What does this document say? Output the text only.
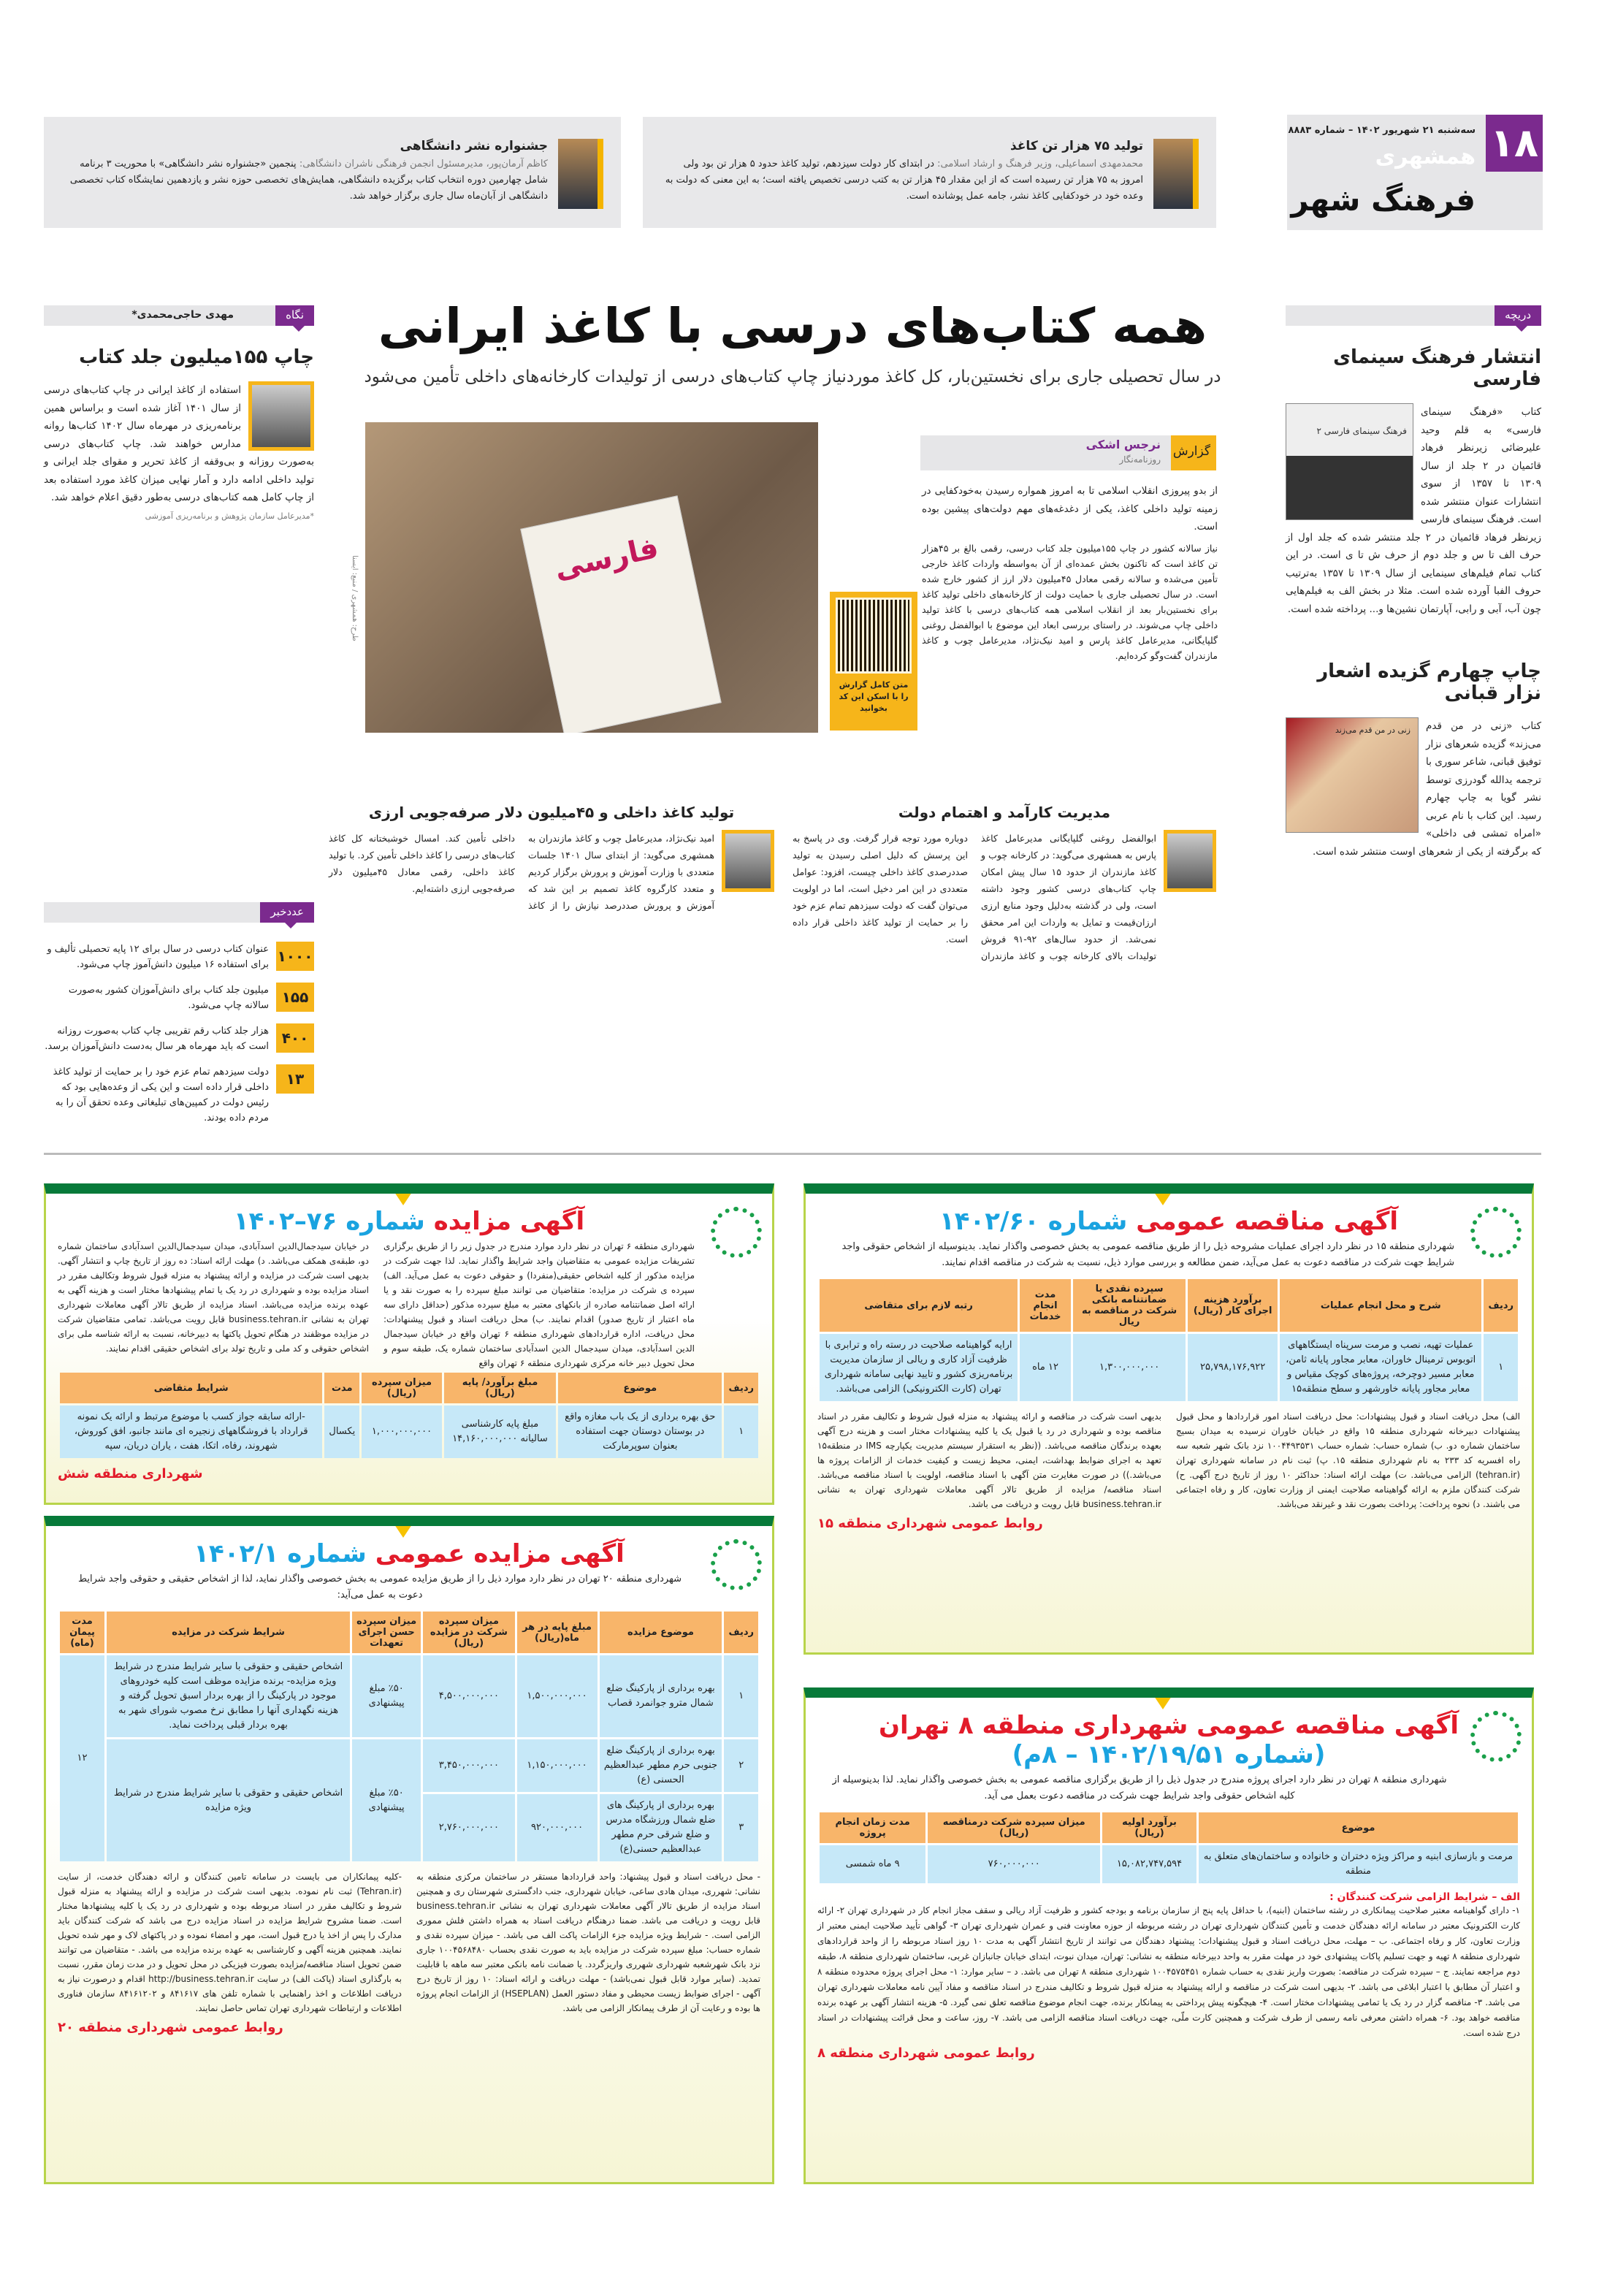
۱۸
سه‌شنبه ۲۱ شهریور ۱۴۰۲ – شماره ۸۸۸۳
همشهری
فرهنگ شهر
تولید ۷۵ هزار تن کاغذ

محمدمهدی اسماعیلی، وزیر فرهنگ و ارشاد اسلامی: در ابتدای کار دولت سیزدهم، تولید کاغذ حدود ۵ هزار تن بود ولی امروز به ۷۵ هزار تن رسیده است که از این مقدار ۴۵ هزار تن به کتب درسی تخصیص یافته است؛ به این معنی که دولت به وعده خود در خودکفایی کاغذ نشر، جامه عمل پوشانده است.

جشنواره نشر دانشگاهی

کاظم آرمان‌پور، مدیرمسئول انجمن فرهنگی ناشران دانشگاهی: پنجمین «جشنواره نشر دانشگاهی» با محوریت ۳ برنامه شامل چهارمین دوره انتخاب کتاب برگزیده دانشگاهی، همایش‌های تخصصی حوزه نشر و یازدهمین نمایشگاه کتاب تخصصی دانشگاهی از آبان‌ماه سال جاری برگزار خواهد شد.

دریچه
انتشار فرهنگ سینمای فارسی
فرهنگ سینمای فارسی ۲

کتاب «فرهنگ سینمای فارسی» به قلم وحید علیرضائی زیرنظر فرهاد قائمیان در ۲ جلد از سال ۱۳۰۹ تا ۱۳۵۷ از سوی انتشارات عنوان منتشر شده است. فرهنگ سینمای فارسی زیرنظر فرهاد قائمیان در ۲ جلد منتشر شده که جلد اول از حرف الف تا س و جلد دوم از حرف ش تا ی است. در این کتاب تمام فیلم‌های سینمایی از سال ۱۳۰۹ تا ۱۳۵۷ به‌ترتیب حروف الفبا آورده شده است. مثلا در بخش الف به فیلم‌هایی چون آب، آبی و رابی، آپارتمان نشین‌ها و... پرداخته شده است.

چاپ چهارم گزیده اشعار نزار قبانی
زنی در من قدم می‌زند	کتاب «زنی در من قدم می‌زند» گزیده شعرهای نزار توفیق قبانی، شاعر سوری با ترجمه یدالله گودرزی توسط نشر گویا به چاپ چهارم رسید. این کتاب با نام عربی «امراه تمشی فی داخلی» که برگرفته از یکی از شعرهای اوست منتشر شده است.

همه کتاب‌های درسی با کاغذ ایرانی
در سال تحصیلی جاری برای نخستین‌بار، کل کاغذ موردنیاز چاپ کتاب‌های درسی از تولیدات کارخانه‌های داخلی تأمین می‌شود
فارسی
طرح: همشهری / منبع: ایسنا

متن کامل گزارش را با اسکن این کد بخوانید

گزارش
نرجس اشکی
روزنامه‌نگار

از بدو پیروزی انقلاب اسلامی تا به امروز همواره رسیدن به‌خودکفایی در زمینه تولید داخلی کاغذ، یکی از دغدغه‌های مهم دولت‌های پیشین بوده است.

نیاز سالانه کشور در چاپ ۱۵۵میلیون جلد کتاب درسی، رقمی بالغ بر ۴۵هزار تن کاغذ است که تاکنون بخش عمده‌ای از آن به‌واسطه واردات کاغذ خارجی تأمین می‌شده و سالانه رقمی معادل ۴۵میلیون دلار ارز از کشور خارج شده است. در سال تحصیلی جاری با حمایت دولت از کارخانه‌های داخلی تولید کاغذ برای نخستین‌بار بعد از انقلاب اسلامی همه کتاب‌های درسی با کاغذ تولید داخلی چاپ می‌شوند. در راستای بررسی ابعاد این موضوع با ابوالفضل روغنی گلپایگانی، مدیرعامل کاغذ پارس و امید نیک‌نژاد، مدیرعامل چوب و کاغذ مازندران گفت‌وگو کرده‌ایم.

مدیریت کارآمد و اهتمام دولت

ابوالفضل روغنی گلپایگانی مدیرعامل کاغذ پارس به همشهری می‌گوید: در کارخانه چوب و کاغذ مازندران از حدود ۱۵ سال پیش امکان چاپ کتاب‌های درسی کشور وجود داشته است، ولی در گذشته به‌دلیل وجود منابع ارزی ارزان‌قیمت و تمایل به واردات این امر محقق نمی‌شد. از حدود سال‌های ۹۲-۹۱ فروش تولیدات بالای کارخانه چوب و کاغذ مازندران دوباره مورد توجه قرار گرفت. وی در پاسخ به این پرسش که دلیل اصلی رسیدن به تولید صددرصدی کاغذ داخلی چیست، افزود: عوامل متعددی در این امر دخیل است، اما در اولویت می‌توان گفت که دولت سیزدهم تمام عزم خود را بر حمایت از تولید کاغذ داخلی قرار داده است.

تولید کاغذ داخلی و ۴۵میلیون دلار صرفه‌جویی ارزی

امید نیک‌نژاد، مدیرعامل چوب و کاغذ مازندران به همشهری می‌گوید: از ابتدای سال ۱۴۰۱ جلسات متعددی با وزارت آموزش و پرورش برگزار کردیم و متعدد کارگروه کاغذ تصمیم بر این شد که آموزش و پرورش صددرصد نیازش را از کاغذ داخلی تأمین کند. امسال خوشبختانه کل کاغذ کتاب‌های درسی را کاغذ داخلی تأمین کرد. با تولید کاغذ داخلی، رقمی معادل ۴۵میلیون دلار صرفه‌جویی ارزی داشته‌ایم.

نگاه
مهدی حاجی‌محمدی*
چاپ ۱۵۵میلیون جلد کتاب

استفاده از کاغذ ایرانی در چاپ کتاب‌های درسی از سال ۱۴۰۱ آغاز شده است و براساس همین برنامه‌ریزی در مهرماه سال ۱۴۰۲ کتاب‌ها روانه مدارس خواهند شد. چاپ کتاب‌های درسی به‌صورت روزانه و بی‌وقفه از کاغذ تحریر و مقوای جلد ایرانی و تولید داخلی ادامه دارد و آمار نهایی میزان کاغذ مورد استفاده بعد از چاپ کامل همه کتاب‌های درسی به‌طور دقیق اعلام خواهد شد.

*مدیرعامل سازمان پژوهش و برنامه‌ریزی آموزشی

عددخبر
۱۰۰۰

عنوان کتاب درسی در سال برای ۱۲ پایه تحصیلی تألیف و برای استفاده ۱۶ میلیون دانش‌آموز چاپ می‌شود.

۱۵۵

میلیون جلد کتاب برای دانش‌آموزان کشور به‌صورت سالانه چاپ می‌شود.

۴۰۰

هزار جلد کتاب رقم تقریبی چاپ کتاب به‌صورت روزانه است که باید مهرماه هر سال به‌دست دانش‌آموزان برسد.

۱۳

دولت سیزدهم تمام عزم خود را بر حمایت از تولید کاغذ داخلی قرار داده است و این یکی از وعده‌هایی بود که رئیس دولت در کمپین‌های تبلیغاتی وعده تحقق آن را به مردم داده بودند.

آگهی مناقصه عمومی شماره ۱۴۰۲/۶۰

شهرداری منطقه ۱۵ در نظر دارد اجرای عملیات مشروحه ذیل را از طریق مناقصه عمومی به بخش خصوصی واگذار نماید. بدینوسیله از اشخاص حقوقی واجد شرایط جهت شرکت در مناقصه دعوت به عمل می‌آید، ضمن مطالعه و بررسی موارد ذیل، نسبت به شرکت در مناقصه اقدام نمایند.

ردیف	شرح و محل انجام عملیات	برآورد هزینه اجرای کار (ریال)	سپرده نقدی یا ضمانتنامه بانکی شرکت در مناقصه به ریال	مدت انجام خدمات	رتبه لازم برای متقاضی
۱	عملیات تهیه، نصب و مرمت سرپناه ایستگاههای اتوبوس ترمینال خاوران، معابر مجاور پایانه ثامن، معابر مسیر دوچرخه، پروژه‌های کوچک مقیاس و معابر مجاور پایانه خاورشهر و سطح منطقه۱۵	۲۵,۷۹۸,۱۷۶,۹۲۲	۱,۳۰۰,۰۰۰,۰۰۰	۱۲ ماه	ارایه گواهینامه صلاحیت در رسته راه و ترابری با ظرفیت آزاد کاری و ریالی از سازمان مدیریت برنامه‌ریزی کشور و تایید نهایی سامانه شهرداری تهران (کارت الکترونیکی) الزامی می‌باشد.
الف) محل دریافت اسناد و قبول پیشنهادات: محل دریافت اسناد امور قراردادها و محل قبول پیشنهادات دبیرخانه شهرداری منطقه ۱۵ واقع در خیابان خاوران نرسیده به میدان بسیج ساختمان شماره دو. ب) شماره حساب: شماره حساب ۱۰۰۴۴۹۳۵۳۱ نزد بانک شهر شعبه سه راه افسریه کد ۲۳۳ به نام شهرداری منطقه ۱۵. پ) ثبت نام در سامانه شهرداری تهران (tehran.ir) الزامی می‌باشد. ت) مهلت ارائه اسناد: حداکثر ۱۰ روز از تاریخ درج آگهی. ح) شرکت کنندگان ملزم به ارائه گواهینامه صلاحیت ایمنی از وزارت تعاون، کار و رفاه اجتماعی می باشند. د) نحوه پرداخت: پرداخت بصورت نقد و غیرنقد می‌باشد.
بدیهی است شرکت در مناقصه و ارائه پیشنهاد به منزله قبول شروط و تکالیف مقرر در اسناد مناقصه بوده و شهرداری در رد یا قبول یک یا کلیه پیشنهادات مختار است و هزینه درج آگهی بعهده برندگان مناقصه می‌باشد. ((نظر به استقرار سیستم مدیریت یکپارچه IMS در منطقه۱۵ تعهد به اجرای ضوابط بهداشت، ایمنی، محیط زیست و کیفیت خدمات از الزامات پروژه ها می‌باشد.)) در صورت مغایرت متن آگهی با اسناد مناقصه، اولویت با اسناد مناقصه می‌باشد. اسناد مناقصه/ مزایده از طریق تالار آگهی معاملات شهرداری تهران به نشانی business.tehran.ir قابل رویت و دریافت می باشد.
روابط عمومی شهرداری منطقه ۱۵
آگهی مناقصه عمومی شهرداری منطقه ۸ تهران
(شماره ۱۴۰۲/۱۹/۵۱ – ۸م)

شهرداری منطقه ۸ تهران در نظر دارد اجرای پروژه مندرج در جدول ذیل را از طریق برگزاری مناقصه عمومی به بخش خصوصی واگذار نماید. لذا بدینوسیله از کلیه اشخاص حقوقی واجد شرایط جهت شرکت در مناقصه دعوت بعمل می آید.

موضوع	برآورد اولیه (ریال)	میزان سپرده شرکت درمناقصه (ریال)	مدت زمان انجام پروژه
مرمت و بازسازی ابنیه و مراکز ویژه دختران و خانواده و ساختمان‌های متعلق به منطقه	۱۵,۰۸۲,۷۴۷,۵۹۴	۷۶۰,۰۰۰,۰۰۰	۹ ماه شمسی
الف – شرایط الزامی شرکت کنندگان :

۱- دارای گواهینامه معتبر صلاحیت پیمانکاری در رشته ساختمان (ابنیه)، با حداقل پایه پنج از سازمان برنامه و بودجه کشور و ظرفیت آزاد ریالی و سقف مجاز انجام کار در شهرداری تهران ۲- ارائه کارت الکترونیک معتبر در سامانه ارائه دهندگان خدمت و تأمین کنندگان شهرداری تهران در رشته مربوطه از حوزه معاونت فنی و عمران شهرداری تهران ۳- گواهی تأیید صلاحیت ایمنی معتبر از وزارت تعاون، کار و رفاه اجتماعی. ب – مهلت، محل دریافت اسناد و قبول پیشنهادات: پیشنهاد دهندگان می توانند از تاریخ انتشار آگهی به مدت ۱۰ روز اسناد مربوطه را از واحد قراردادهای شهرداری منطقه ۸ تهیه و جهت تسلیم پاکات پیشنهادی خود در مهلت مقرر به واحد دبیرخانه منطقه به نشانی: تهران، میدان نبوت، ابتدای خیابان جانبازان غربی، ساختمان شهرداری منطقه ۸، طبقه دوم مراجعه نمایند. ج – سپرده شرکت در مناقصه: بصورت واریز نقدی به حساب شماره ۱۰۰۴۵۷۵۴۵۱ شهرداری منطقه ۸ تهران می باشد. د – سایر موارد: ۱- محل اجرای پروژه محدوده منطقه ۸ و اعتبار آن مطابق با اعتبار ابلاغی می باشد. ۲- بدیهی است شرکت در مناقصه و ارائه پیشنهاد به منزله قبول شروط و تکالیف مندرج در اسناد مناقصه و مفاد آیین نامه معاملات شهرداری تهران می باشد. ۳- مناقصه گزار در رد یک یا تمامی پیشنهادات مختار است. ۴- هیچگونه پیش پرداختی به پیمانکار برنده، جهت انجام موضوع مناقصه تعلق نمی گیرد. ۵- هزینه انتشار آگهی بر عهده برنده مناقصه خواهد بود. ۶- همراه داشتن معرفی نامه رسمی از طرف شرکت و همچنین کارت ملّی، جهت دریافت اسناد مناقصه الزامی می باشد. ۷- روز، ساعت و محل قرائت پیشنهادات در اسناد درج شده است.

روابط عمومی شهرداری منطقه ۸
آگهی مزایده شماره ۷۶–۱۴۰۲
شهرداری منطقه ۶ تهران در نظر دارد موارد مندرج در جدول زیر را از طریق برگزاری تشریفات مزایده عمومی به متقاضیان واجد شرایط واگذار نماید. لذا جهت شرکت در مزایده مذکور از کلیه اشخاص حقیقی(منفردا) و حقوقی دعوت به عمل می‌آید. الف) سپرده ی شرکت در مزایده: متقاضیان می توانند مبلغ سپرده را به صورت نقد و یا ارائه اصل ضمانتنامه صادره از بانکهای معتبر به مبلغ سپرده مذکور (حداقل دارای سه ماه اعتبار از تاریخ صدور) اقدام نمایند. ب) محل دریافت اسناد و قبول پیشنهادات: محل دریافت، اداره قراردادهای شهرداری منطقه ۶ تهران واقع در خیابان سیدجمال الدین اسدآبادی، میدان سیدجمال الدین اسدآبادی ساختمان شماره یک، طبقه سوم و محل تحویل دبیر خانه مرکزی شهرداری منطقه ۶ تهران واقع
در خیابان سیدجمال‌الدین اسدآبادی، میدان سیدجمال‌الدین اسدآبادی ساختمان شماره دو، طبقه‌ی همکف می‌باشد. د) مهلت ارائه اسناد: ده روز از تاریخ چاپ و انتشار آگهی. بدیهی است شرکت در مزایده و ارائه پیشنهاد به منزله قبول شروط وتکالیف مقرر در اسناد مزایده بوده و شهرداری در رد یک یا تمام پیشنهادها مختار است و هزینه آگهی به عهده برنده مزایده می‌باشد. اسناد مزایده از طریق تالار آگهی معاملات شهرداری تهران به نشانی business.tehran.ir قابل رویت می‌باشد. تمامی متقاضیان شرکت در مزایده موظفند در هنگام تحویل پاکتها به دبیرخانه، نسبت به ارائه شناسه ملی برای اشخاص حقوقی و کد ملی و تاریخ تولد برای اشخاص حقیقی اقدام نمایند.
ردیف	موضوع	مبلغ برآورد/ پایه (ریال)	میزان سپرده (ریال)	مدت	شرایط متقاضی
۱	حق بهره برداری از یک باب مغازه واقع در بوستان دوستان جهت استفاده بعنوان سوپرمارکت	مبلغ پایه کارشناسی سالیانه ۱۴,۱۶۰,۰۰۰,۰۰۰	۱,۰۰۰,۰۰۰,۰۰۰	یکسال	-ارائه سابقه جواز کسب با موضوع مرتبط و ارائه یک نمونه قرارداد با فروشگاههای زنجیره ای مانند جانبو، افق کوروش، شهروند، رفاه، اتکا، هفت ، یاران دریان، سپه
شهرداری منطقه شش
آگهی مزایده عمومی شماره ۱۴۰۲/۱

شهرداری منطقه ۲۰ تهران در نظر دارد موارد ذیل را از طریق مزایده عمومی به بخش خصوصی واگذار نماید، لذا از اشخاص حقیقی و حقوقی واجد شرایط دعوت به عمل می‌آید:

ردیف	موضوع مزایده	مبلغ پایه در هر ماه(ریال)	میزان سپرده شرکت در مزایده (ریال)	میزان سپرده حسن اجرای تعهدات	شرایط شرکت در مزایده	مدت پیمان (ماه)
۱	بهره برداری از پارکینگ ضلع شمال مترو جوانمرد قصاب	۱,۵۰۰,۰۰۰,۰۰۰	۴,۵۰۰,۰۰۰,۰۰۰	٪۵۰ مبلغ پیشنهادی	اشخاص حقیقی و حقوقی با سایر شرایط مندرج در شرایط ویژه مزایده- برنده مزایده موظف است کلیه خودروهای موجود در پارکینگ را از بهره بردار اسبق تحویل گرفته و هزینه نگهداری آنها را مطابق نرخ مصوب شورای شهر به بهره بردار قبلی پرداخت نماید.	۱۲
۲	بهره برداری از پارکینگ ضلع جنوبی حرم مطهر عبدالعظیم الحسنی (ع)	۱,۱۵۰,۰۰۰,۰۰۰	۳,۴۵۰,۰۰۰,۰۰۰	٪۵۰ مبلغ پیشنهادی	اشخاص حقیقی و حقوقی با سایر شرایط مندرج در شرایط ویژه مزایده	
۳	بهره برداری از پارکینگ های ضلع شمال ورزشگاه مدرس و ضلع شرقی حرم مطهر عبدالعظیم حسنی(ع)	۹۲۰,۰۰۰,۰۰۰	۲,۷۶۰,۰۰۰,۰۰۰			
- محل دریافت اسناد و قبول پیشنهاد: واحد قراردادها مستقر در ساختمان مرکزی منطقه به نشانی: شهرری، میدان هادی ساعی، خیابان شهرداری، جنب دادگستری شهرستان ری و همچنین اسناد مزایده از طریق تالار آگهی معاملات شهرداری تهران به نشانی business.tehran.ir قابل رویت و دریافت می باشد. ضمنا درهنگام دریافت اسناد به همراه داشتن فلش مموری الزامی است. - شرایط ویژه مزایده جزء الزامات پاکت الف می باشد. - میزان سپرده نقدی و شماره حساب: مبلغ سپرده شرکت در مزایده باید به صورت نقدی بحساب ۱۰۰۴۵۶۸۴۸۰ جاری نزد بانک شهرشعبه شهرداری شهرری واریزگردد. یا ضمانت نامه بانکی معتبر سه ماهه با قابلیت تمدید. (سایر موارد قابل قبول نمی‌باشد) - مهلت دریافت و ارائه اسناد: ۱۰ روز از تاریخ درج آگهی - اجرای ضوابط زیست محیطی و مفاد دستور العمل (HSEPLAN) از الزامات انجام پروژه ها بوده و رعایت آن از طرف پیمانکار الزامی می باشد.
-کلیه پیمانکاران می بایست در سامانه تامین کنندگان و ارائه دهندگان خدمت، از سایت (Tehran.ir) ثبت نام نموده. بدیهی است شرکت در مزایده و ارائه پیشنهاد به منزله قبول شروط و تکالیف مقرر در اسناد مربوطه بوده و شهرداری در رد یک یا کلیه پیشنهادها مختار است. ضمنا مشروح شرایط مزایده در اسناد مزایده درج می باشد که شرکت کنندگان باید مدارک را پس از اخذ یا درج قبول است، مهر و امضاء نموده و در پاکتهای لاک و مهر شده تحویل نمایند. همچنین هزینه آگهی و کارشناسی به عهده برنده مزایده می باشد. - متقاضیان می توانند ضمن تحویل اسناد مناقصه/مزایده بصورت فیزیکی در محل تحویل و در مدت زمان مقرر، نسبت به بارگذاری اسناد (پاکت الف) در سایت http://business.tehran.ir اقدام و درصورت نیاز به دریافت اطلاعات و اخذ راهنمایی با شماره تلفن های ۸۴۱۶۱۷ و ۸۴۱۶۱۲۰۲ سازمان فناوری اطلاعات و ارتباطات شهرداری تهران تماس حاصل نمایند.
روابط عمومی شهرداری منطقه ۲۰
